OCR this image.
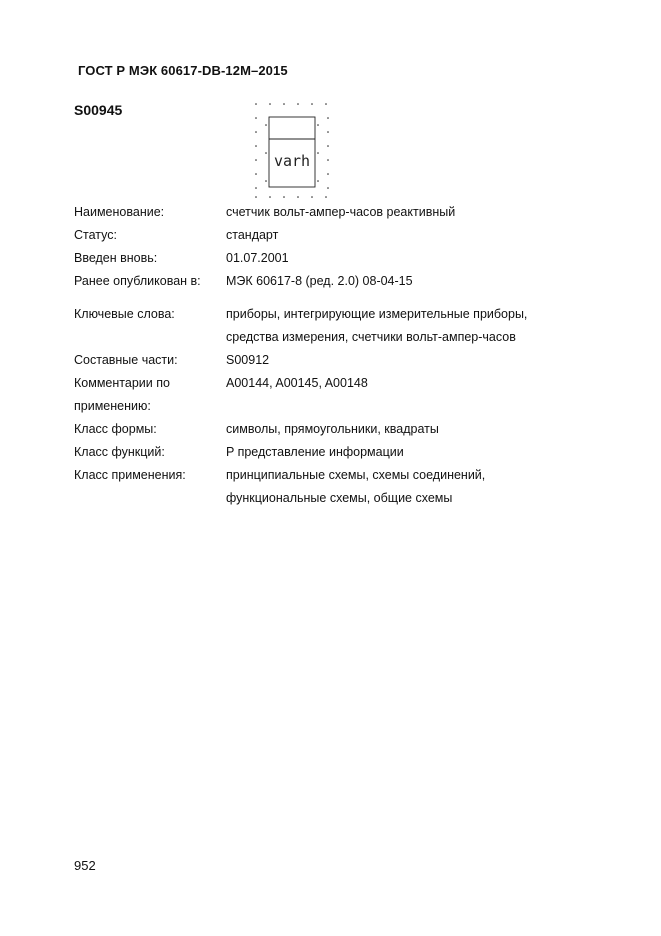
ГОСТ Р МЭК 60617-DB-12M–2015
S00945
varh
Наименование:	счетчик вольт-ампер-часов реактивный
Статус:	стандарт
Введен вновь:	01.07.2001
Ранее опубликован в: МЭК 60617-8 (ред. 2.0) 08-04-15
Ключевые слова:	приборы, интегрирующие измерительные приборы,
средства измерения, счетчики вольт-ампер-часов
Составные части:	S00912
Комментарии по	A00144, A00145, A00148
применению:
Класс формы:	символы, прямоугольники, квадраты
Класс функций:	P представление информации
Класс применения:	принципиальные схемы, схемы соединений,
функциональные схемы, общие схемы
952
